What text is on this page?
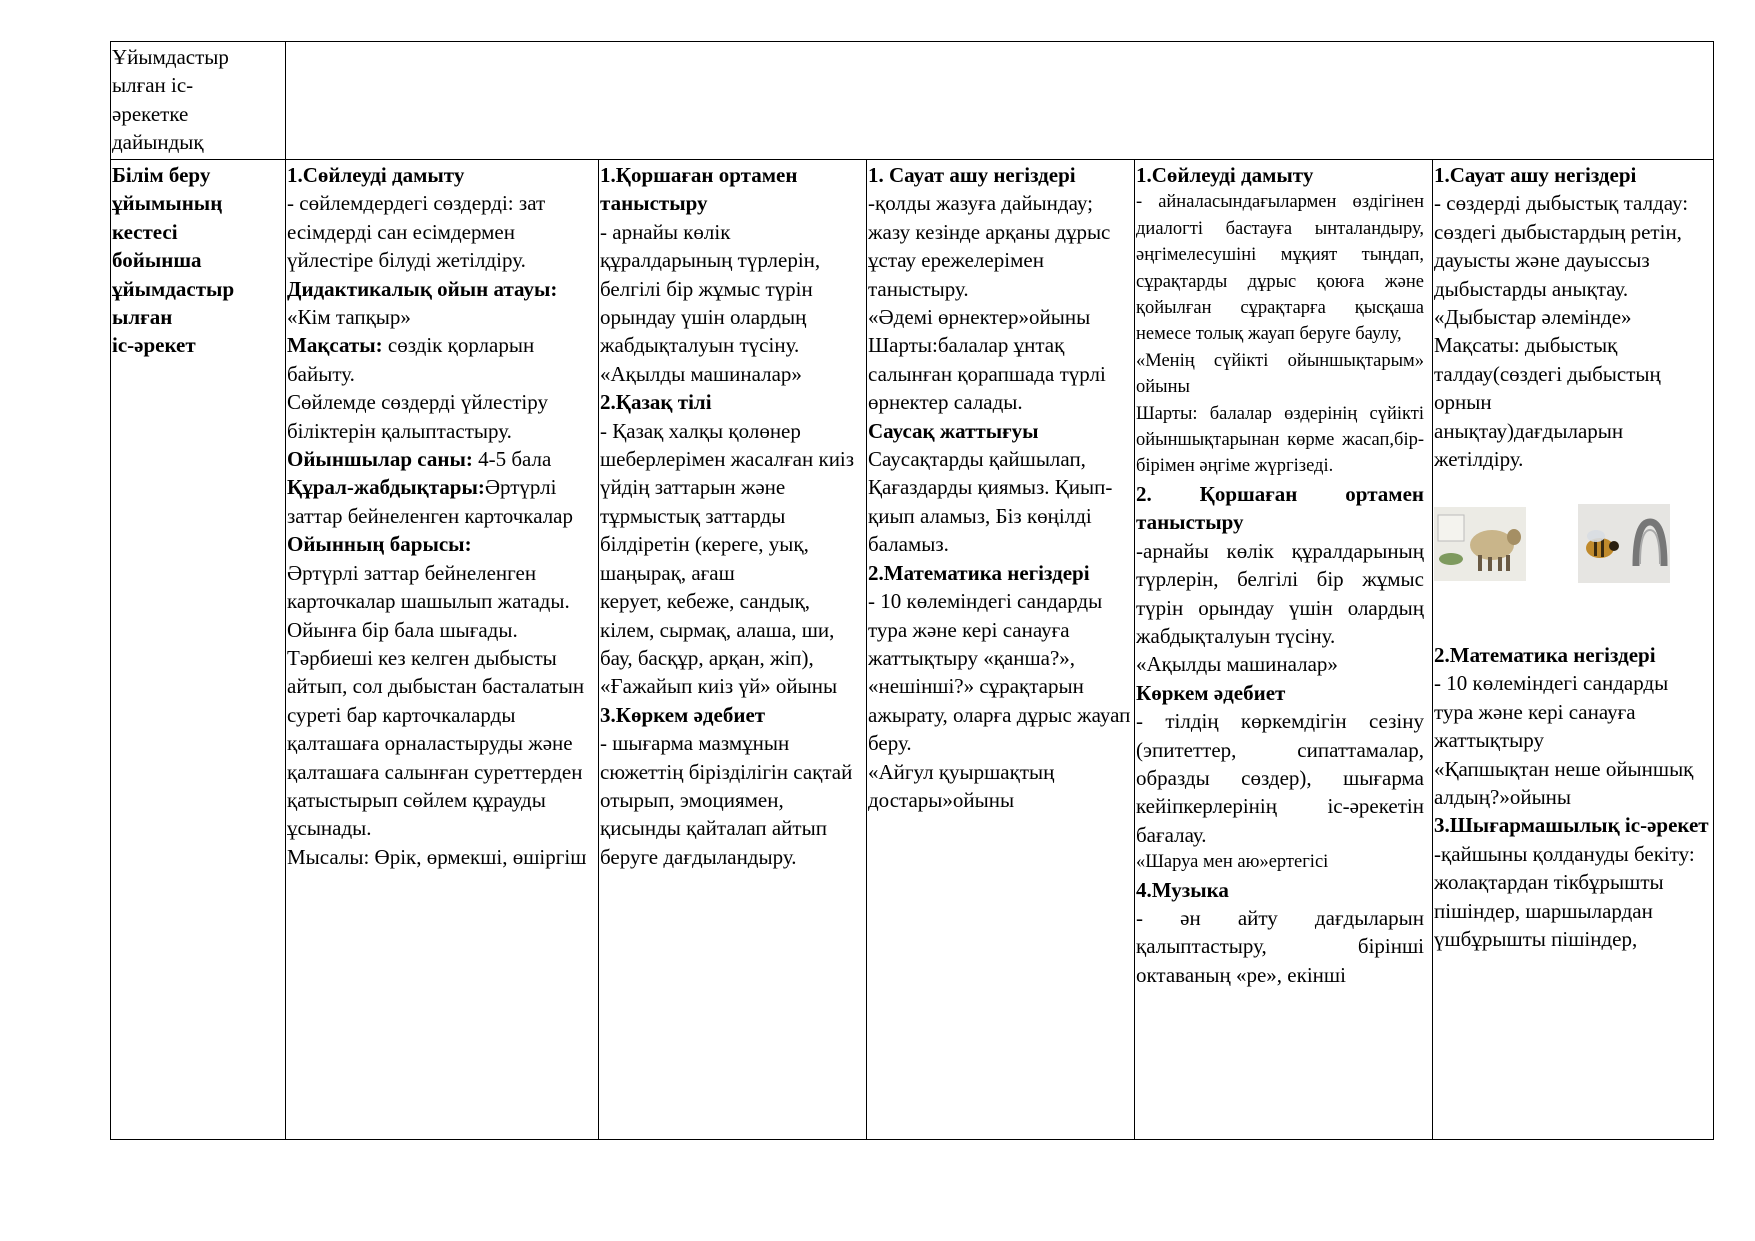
Ұйымдастыр
ылған іс-
әрекетке
дайындық

Білім беру
ұйымының
кестесі
бойынша
ұйымдастыр
ылған
іс-әрекет

1.Сөйлеуді дамыту
- сөйлемдердегі сөздерді: зат есімдерді сан есімдермен үйлестіре білуді жетілдіру.
Дидактикалық ойын атауы: «Кім тапқыр»
Мақсаты: сөздік қорларын байыту.
Сөйлемде сөздерді үйлестіру біліктерін қалыптастыру.
Ойыншылар саны: 4-5 бала
Құрал-жабдықтары:Әртүрлі заттар бейнеленген карточкалар
Ойынның барысы:
Әртүрлі заттар бейнеленген карточкалар шашылып жатады.
Ойынға бір бала шығады. Тәрбиеші кез келген дыбысты айтып, сол дыбыстан басталатын суреті бар карточкаларды қалташаға орналастыруды және қалташаға салынған суреттерден қатыстырып сөйлем құрауды ұсынады.
Мысалы: Өрік, өрмекші, өшіргіш
1.Қоршаған ортамен таныстыру
- арнайы көлік құралдарының түрлерін, белгілі бір жұмыс түрін орындау үшін олардың жабдықталуын түсіну.
«Ақылды машиналар»
2.Қазақ тілі
- Қазақ халқы қолөнер шеберлерімен жасалған киіз үйдің заттарын және тұрмыстық заттарды білдіретін (кереге, уық, шаңырақ, ағаш
керует, кебеже, сандық, кілем, сырмақ, алаша, ши, бау, басқұр, арқан, жіп),
«Ғажайып киіз үй» ойыны
3.Көркем әдебиет
- шығарма мазмұнын сюжеттің бірізділігін сақтай отырып, эмоциямен, қисынды қайталап айтып беруге дағдыландыру.
1. Сауат ашу негіздері
-қолды жазуға дайындау; жазу кезінде арқаны дұрыс ұстау ережелерімен таныстыру.
«Әдемі өрнектер»ойыны
Шарты:балалар ұнтақ салынған қорапшада түрлі өрнектер салады.
Саусақ жаттығуы
Саусақтарды қайшылап, Қағаздарды қиямыз. Қиып-қиып аламыз, Біз көңілді баламыз.
2.Математика негіздері
- 10 көлеміндегі сандарды тура және кері санауға жаттықтыру «қанша?», «нешінші?» сұрақтарын ажырату, оларға дұрыс жауап беру.
«Айгул қуыршақтың достары»ойыны
1.Сөйлеуді дамыту
- айналасындағылармен өздігінен диалогті бастауға ынталандыру, әңгімелесушіні мұқият тыңдап, сұрақтарды дұрыс қоюға және қойылған сұрақтарға қысқаша немесе толық жауап беруге баулу,
«Менің сүйікті ойыншықтарым» ойыны
Шарты: балалар өздерінің сүйікті ойыншықтарынан көрме жасап,бір-бірімен әңгіме жүргізеді.
2. Қоршаған ортамен таныстыру
-арнайы көлік құралдарының түрлерін, белгілі бір жұмыс түрін орындау үшін олардың жабдықталуын түсіну.
«Ақылды машиналар»
Көркем әдебиет
- тілдің көркемдігін сезіну (эпитеттер, сипаттамалар, образды сөздер), шығарма кейіпкерлерінің іс-әрекетін бағалау.
«Шаруа мен аю»ертегісі
4.Музыка
- ән айту дағдыларын қалыптастыру, бірінші октаваның «ре», екінші
1.Сауат ашу негіздері
- сөздерді дыбыстық талдау: сөздегі дыбыстардың ретін, дауысты және дауыссыз дыбыстарды анықтау.
«Дыбыстар әлемінде»
Мақсаты: дыбыстық талдау(сөздегі дыбыстың орнын
анықтау)дағдыларын жетілдіру.
2.Математика негіздері
- 10 көлеміндегі сандарды тура және кері санауға жаттықтыру
«Қапшықтан неше ойыншық алдың?»ойыны
3.Шығармашылық іс-әрекет
-қайшыны қолдануды бекіту: жолақтардан тікбұрышты пішіндер, шаршылардан үшбұрышты пішіндер,
